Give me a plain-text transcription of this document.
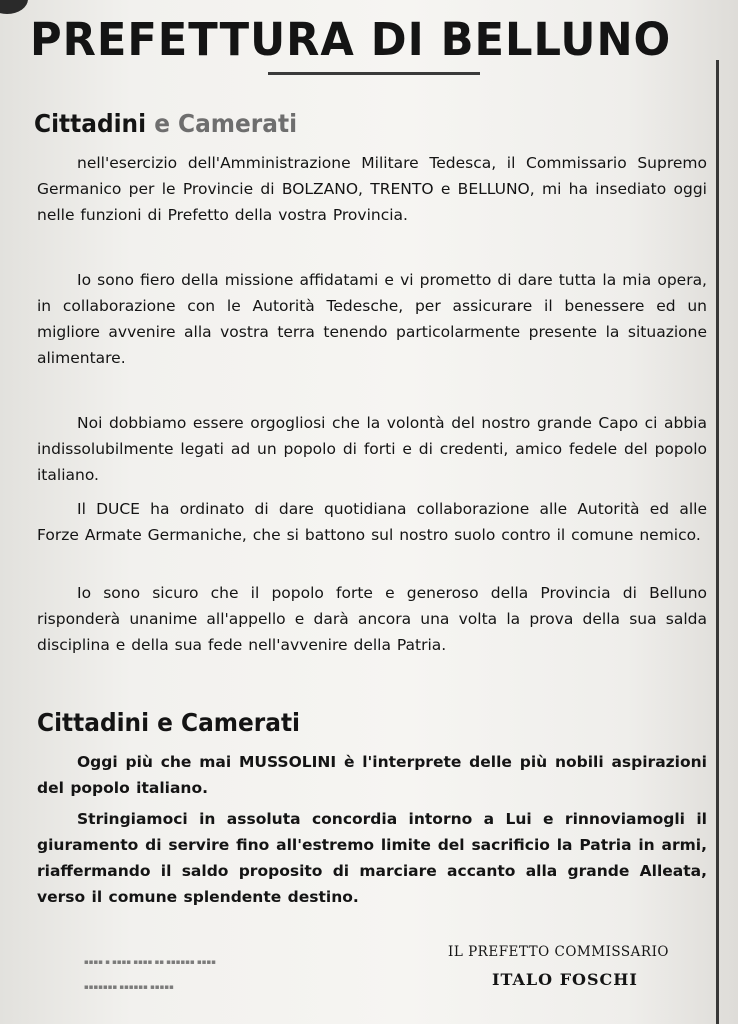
PREFETTURA DI BELLUNO
Cittadini e Camerati

nell'esercizio dell'Amministrazione Militare Tedesca, il Commissario Supremo Germanico per le Provincie di BOLZANO, TRENTO e BELLUNO, mi ha insediato oggi nelle funzioni di Prefetto della vostra Provincia.

Io sono fiero della missione affidatami e vi prometto di dare tutta la mia opera, in collaborazione con le Autorità Tedesche, per assicurare il benessere ed un migliore avvenire alla vostra terra tenendo particolarmente presente la situazione alimentare.

Noi dobbiamo essere orgogliosi che la volontà del nostro grande Capo ci abbia indissolubilmente legati ad un popolo di forti e di credenti, amico fedele del popolo italiano.

Il DUCE ha ordinato di dare quotidiana collaborazione alle Autorità ed alle Forze Armate Germaniche, che si battono sul nostro suolo contro il comune nemico.

Io sono sicuro che il popolo forte e generoso della Provincia di Belluno risponderà unanime all'appello e darà ancora una volta la prova della sua salda disciplina e della sua fede nell'avvenire della Patria.

Cittadini e Camerati

Oggi più che mai MUSSOLINI è l'interprete delle più nobili aspirazioni del popolo italiano.

Stringiamoci in assoluta concordia intorno a Lui e rinnoviamogli il giuramento di servire fino all'estremo limite del sacrificio la Patria in armi, riaffermando il saldo proposito di marciare accanto alla grande Alleata, verso il comune splendente destino.

▪▪▪▪ ▪ ▪▪▪▪ ▪▪▪▪ ▪▪ ▪▪▪▪▪▪ ▪▪▪▪
▪▪▪▪▪▪▪ ▪▪▪▪▪▪ ▪▪▪▪▪

IL PREFETTO COMMISSARIO

ITALO FOSCHI
